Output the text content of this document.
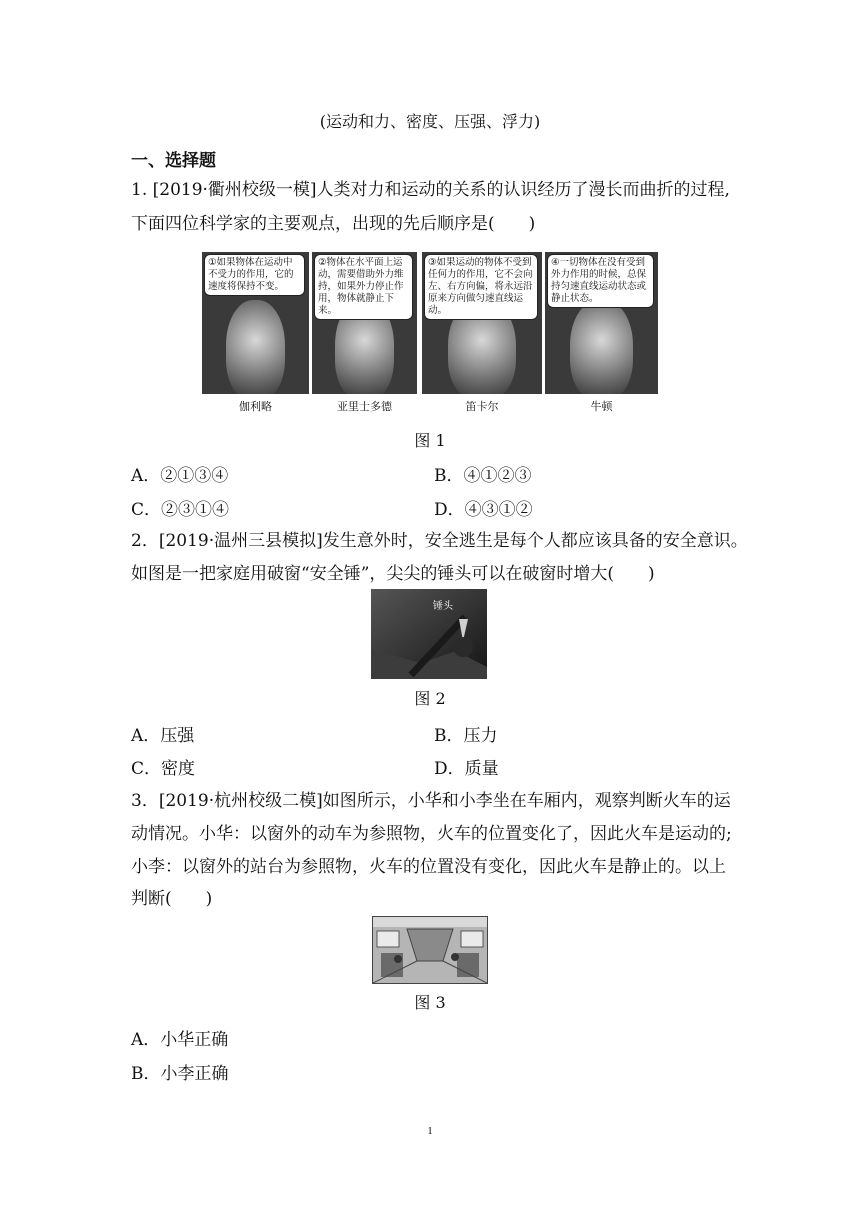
(运动和力、密度、压强、浮力)
一、选择题
1. [2019·衢州校级一模]人类对力和运动的关系的认识经历了漫长而曲折的过程,
下面四位科学家的主要观点，出现的先后顺序是(　　)
①如果物体在运动中不受力的作用，它的速度将保持不变。
②物体在水平面上运动，需要借助外力维持，如果外力停止作用，物体就静止下来。
③如果运动的物体不受到任何力的作用，它不会向左、右方向偏，将永远沿原来方向做匀速直线运动。
④一切物体在没有受到外力作用的时候，总保持匀速直线运动状态或静止状态。
伽利略	亚里士多德	笛卡尔	牛顿
图 1
A．②①③④	B．④①②③
C．②③①④	D．④③①②
2．[2019·温州三县模拟]发生意外时，安全逃生是每个人都应该具备的安全意识。
如图是一把家庭用破窗“安全锤”，尖尖的锤头可以在破窗时增大(　　)
锤头
图 2
A．压强	B．压力
C．密度	D．质量
3．[2019·杭州校级二模]如图所示，小华和小李坐在车厢内，观察判断火车的运
动情况。小华：以窗外的动车为参照物，火车的位置变化了，因此火车是运动的;
小李：以窗外的站台为参照物，火车的位置没有变化，因此火车是静止的。以上
判断(　　)
图 3
A．小华正确
B．小李正确
1
